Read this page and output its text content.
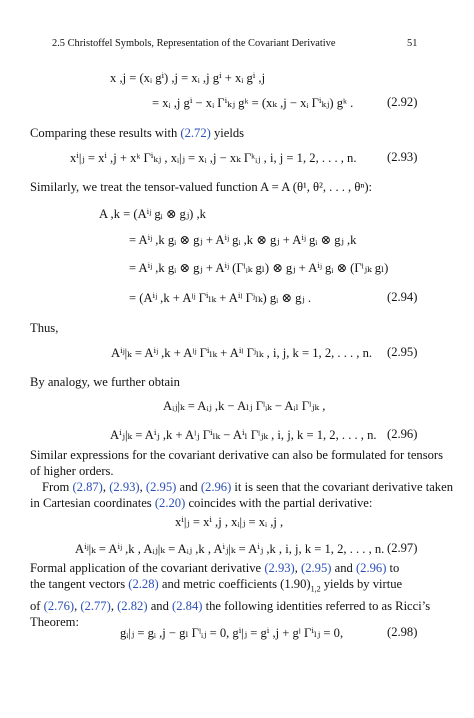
2.5 Christoffel Symbols, Representation of the Covariant Derivative	51
x ,j = (xᵢ gⁱ) ,j = xᵢ ,j gⁱ + xᵢ gⁱ ,j
= xᵢ ,j gⁱ − xᵢ Γⁱₖⱼ gᵏ = (xₖ ,j − xᵢ Γⁱₖⱼ) gᵏ .	(2.92)
Comparing these results with (2.72) yields
xⁱ|ⱼ = xⁱ ,j + xᵏ Γⁱₖⱼ , xᵢ|ⱼ = xᵢ ,j − xₖ Γᵏᵢⱼ , i, j = 1, 2, . . . , n. (2.93)
Similarly, we treat the tensor-valued function A = A (θ¹, θ², . . . , θⁿ):
A ,k = (Aⁱʲ gᵢ ⊗ gⱼ) ,k
= Aⁱʲ ,k gᵢ ⊗ gⱼ + Aⁱʲ gᵢ ,k ⊗ gⱼ + Aⁱʲ gᵢ ⊗ gⱼ ,k
= Aⁱʲ ,k gᵢ ⊗ gⱼ + Aⁱʲ (Γˡᵢₖ gₗ) ⊗ gⱼ + Aⁱʲ gᵢ ⊗ (Γˡⱼₖ gₗ)
= (Aⁱʲ ,k + Aˡʲ Γⁱₗₖ + Aⁱˡ Γʲₗₖ) gᵢ ⊗ gⱼ .	(2.94)
Thus,
Aⁱʲ|ₖ = Aⁱʲ ,k + Aˡʲ Γⁱₗₖ + Aⁱˡ Γʲₗₖ , i, j, k = 1, 2, . . . , n. (2.95)
By analogy, we further obtain
Aᵢⱼ|ₖ = Aᵢⱼ ,k − Aₗⱼ Γˡᵢₖ − Aᵢₗ Γˡⱼₖ ,
Aⁱⱼ|ₖ = Aⁱⱼ ,k + Aˡⱼ Γⁱₗₖ − Aⁱₗ Γˡⱼₖ , i, j, k = 1, 2, . . . , n. (2.96)
Similar expressions for the covariant derivative can also be formulated for tensors
of higher orders.
From (2.87), (2.93), (2.95) and (2.96) it is seen that the covariant derivative taken
in Cartesian coordinates (2.20) coincides with the partial derivative:
xⁱ|ⱼ = xⁱ ,j , xᵢ|ⱼ = xᵢ ,j ,
Aⁱʲ|ₖ = Aⁱʲ ,k , Aᵢⱼ|ₖ = Aᵢⱼ ,k , Aⁱⱼ|ₖ = Aⁱⱼ ,k , i, j, k = 1, 2, . . . , n. (2.97)
Formal application of the covariant derivative (2.93), (2.95) and (2.96) to
the tangent vectors (2.28) and metric coefficients $(1.90)_{1,2}$ yields by virtue
of (2.76), (2.77), (2.82) and (2.84) the following identities referred to as Ricci’s
Theorem:
gᵢ|ⱼ = gᵢ ,j − gₗ Γˡᵢⱼ = 0, gⁱ|ⱼ = gⁱ ,j + gˡ Γⁱₗⱼ = 0,	(2.98)
